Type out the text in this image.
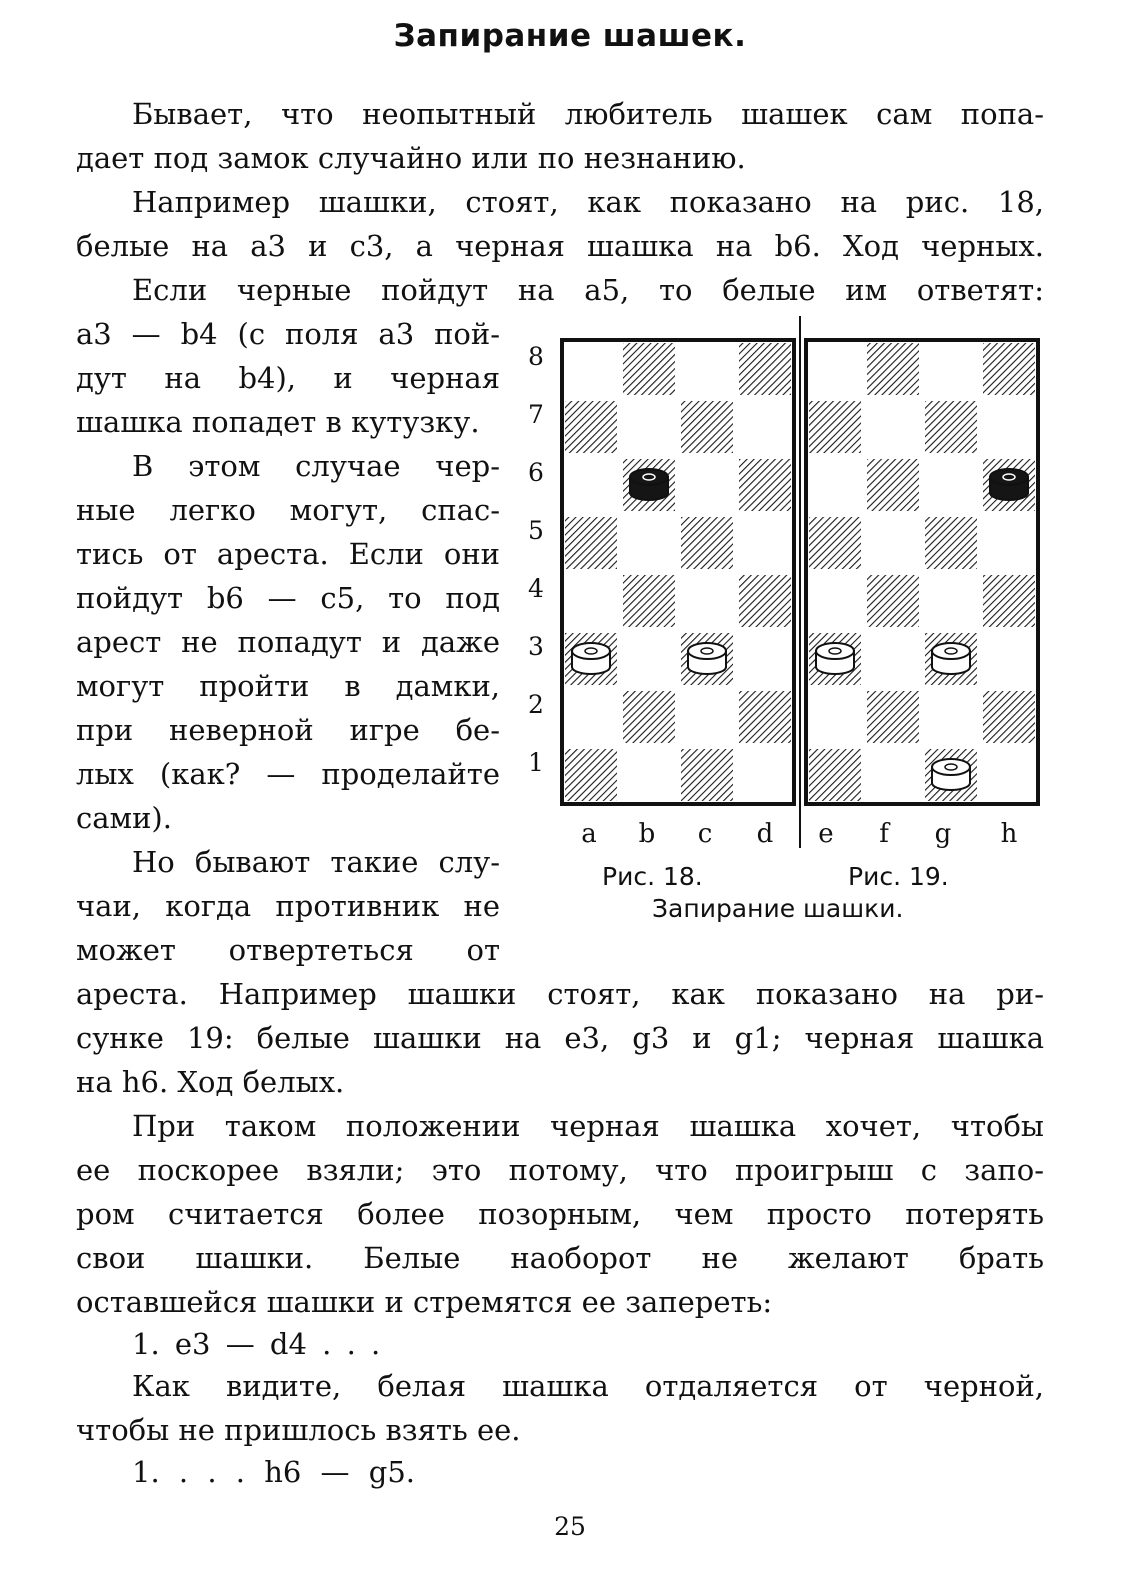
Запирание шашек.
Бывает, что неопытный любитель шашек сам попа-
дает под замок случайно или по незнанию.
Например шашки, стоят, как показано на рис. 18,
белые на а3 и с3, а черная шашка на b6. Ход черных.
Если черные пойдут на а5, то белые им ответят:
а3 — b4 (с поля а3 пой-
дут на b4), и черная
шашка попадет в кутузку.
В этом случае чер-
ные легко могут, спас-
тись от ареста. Если они
пойдут b6 — с5, то под
арест не попадут и даже
могут пройти в дамки,
при неверной игре бе-
лых (как? — проделайте
сами).
Но бывают такие слу-
чаи, когда противник не
может отвертеться от
ареста. Например шашки стоят, как показано на ри-
сунке 19: белые шашки на е3, g3 и g1; черная шашка
на h6. Ход белых.
При таком положении черная шашка хочет, чтобы
ее поскорее взяли; это потому, что проигрыш с запо-
ром считается более позорным, чем просто потерять
свои шашки. Белые наоборот не желают брать
оставшейся шашки и стремятся ее запереть:
1. е3 — d4 . . .
Как видите, белая шашка отдаляется от черной,
чтобы не пришлось взять ее.
1. . . . h6 — g5.
8
7
6
5
4
3
2
1
a b c d e	f	g h
Рис. 18.	Рис. 19.
Запирание шашки.
25
